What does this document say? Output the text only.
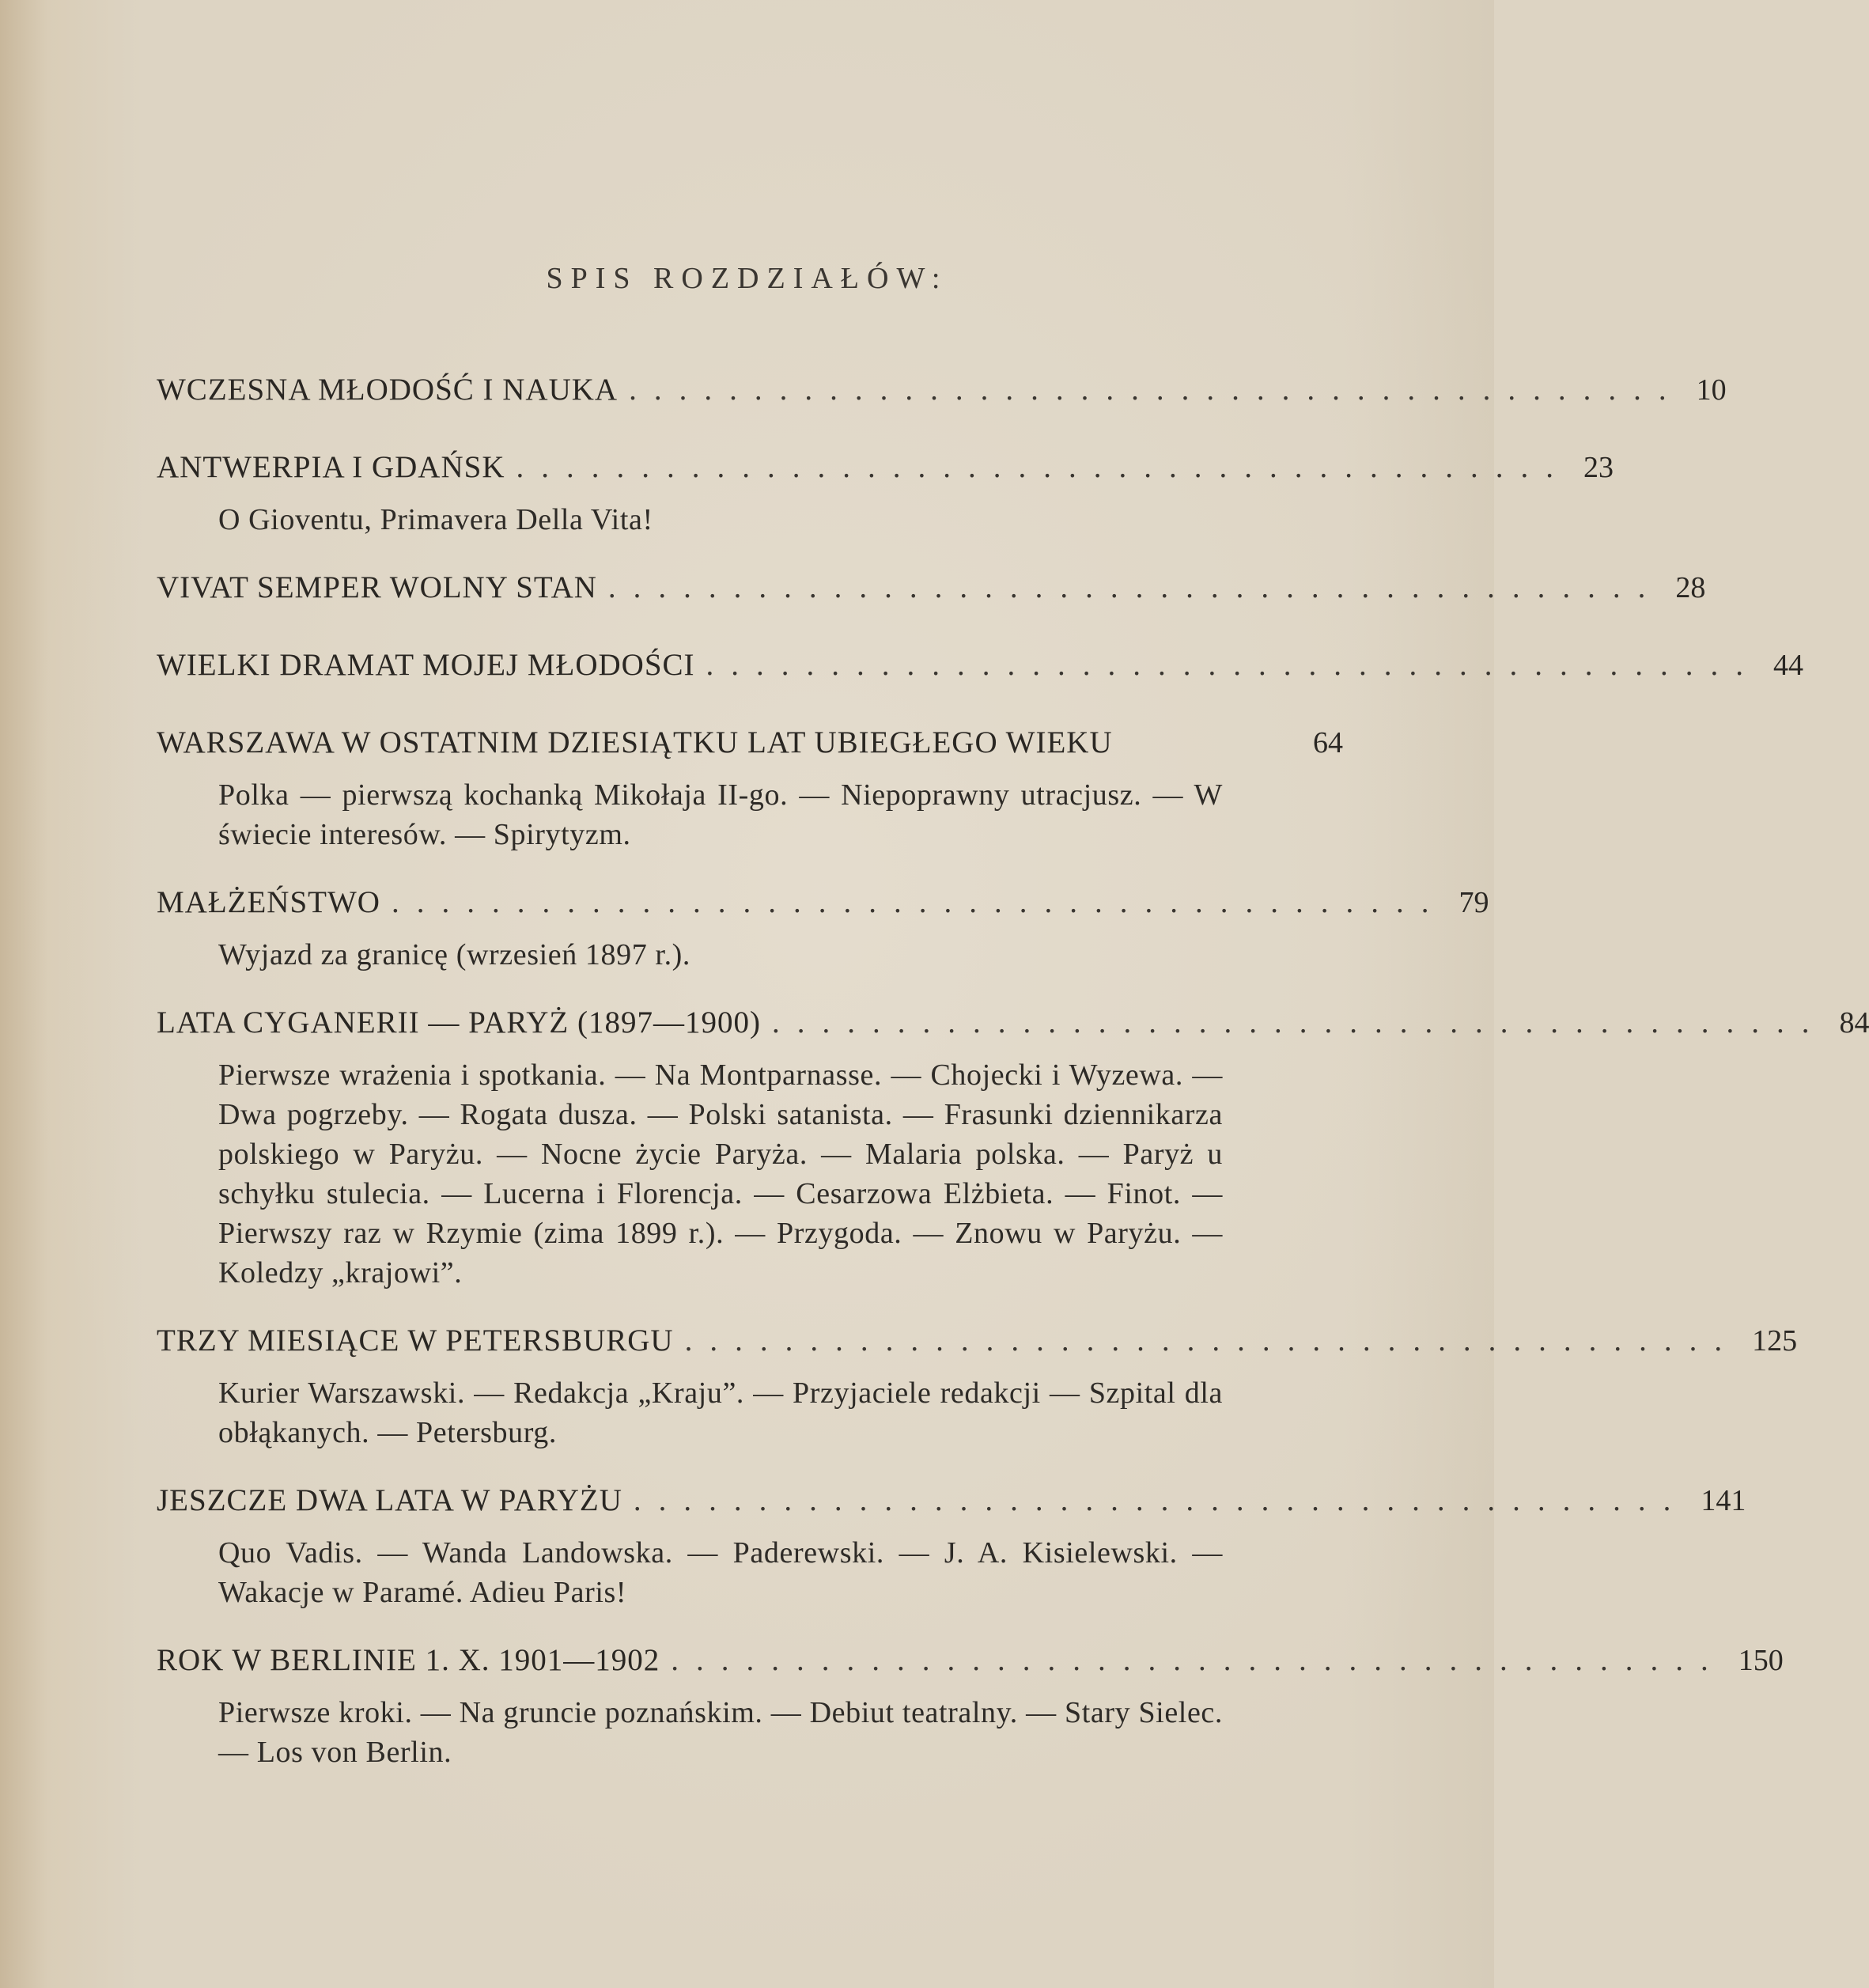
SPIS ROZDZIAŁÓW:
WCZESNA MŁODOŚĆ I NAUKA .......................................... 10
ANTWERPIA I GDAŃSK .......................................... 23
O Gioventu, Primavera Della Vita!
VIVAT SEMPER WOLNY STAN .......................................... 28
WIELKI DRAMAT MOJEJ MŁODOŚCI .......................................... 44
WARSZAWA W OSTATNIM DZIESIĄTKU LAT UBIEGŁEGO WIEKU	64
Polka — pierwszą kochanką Mikołaja II-go. — Niepoprawny utracjusz. — W świecie interesów. — Spirytyzm.
MAŁŻEŃSTWO .......................................... 79
Wyjazd za granicę (wrzesień 1897 r.).
LATA CYGANERII — PARYŻ (1897—1900) .......................................... 84
Pierwsze wrażenia i spotkania. — Na Montparnasse. — Chojecki i Wyzewa. — Dwa pogrzeby. — Rogata dusza. — Polski satanista. — Frasunki dziennikarza polskiego w Paryżu. — Nocne życie Paryża. — Malaria polska. — Paryż u schyłku stulecia. — Lucerna i Florencja. — Cesarzowa Elżbieta. — Finot. — Pierwszy raz w Rzymie (zima 1899 r.). — Przygoda. — Znowu w Paryżu. — Koledzy „krajowi”.
TRZY MIESIĄCE W PETERSBURGU .......................................... 125
Kurier Warszawski. — Redakcja „Kraju”. — Przyjaciele redakcji — Szpital dla obłąkanych. — Petersburg.
JESZCZE DWA LATA W PARYŻU .......................................... 141
Quo Vadis. — Wanda Landowska. — Paderewski. — J. A. Kisielewski. — Wakacje w Paramé. Adieu Paris!
ROK W BERLINIE 1. X. 1901—1902 .......................................... 150
Pierwsze kroki. — Na gruncie poznańskim. — Debiut teatralny. — Stary Sielec. — Los von Berlin.
